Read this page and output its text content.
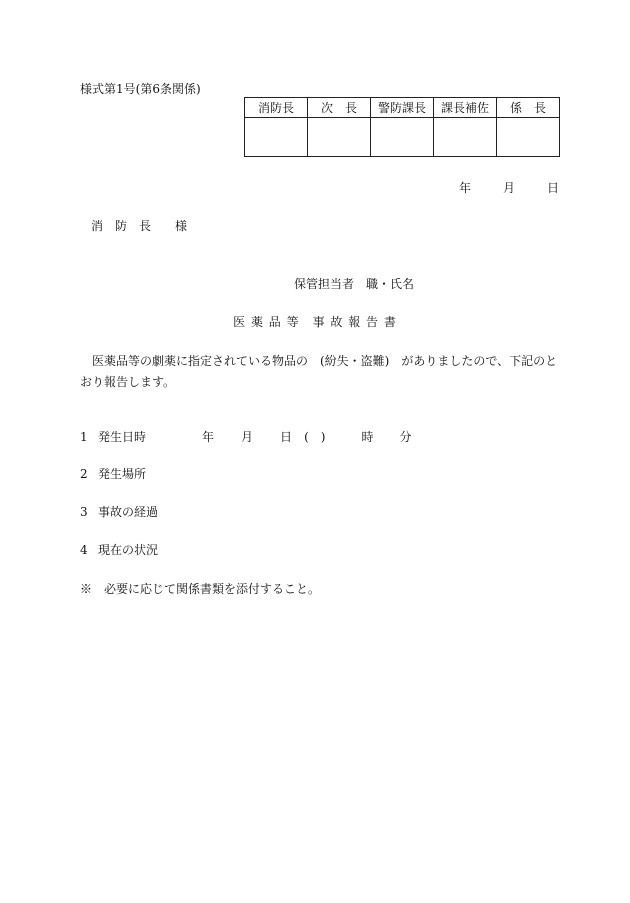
様式第1号(第6条関係)
消防長	次　長	警防課長	課長補佐	係　長

年	月	日
消　防　長　　様
保管担当者　職・氏名
医 薬 品 等　事 故 報 告 書
医薬品等の劇薬に指定されている物品の　(紛失・盗難)　がありましたので、下記のとおり報告します。
1 発生日時	年 月 日 (　)	時 分
2 発生場所
3 事故の経過
4 現在の状況
※　必要に応じて関係書類を添付すること。
